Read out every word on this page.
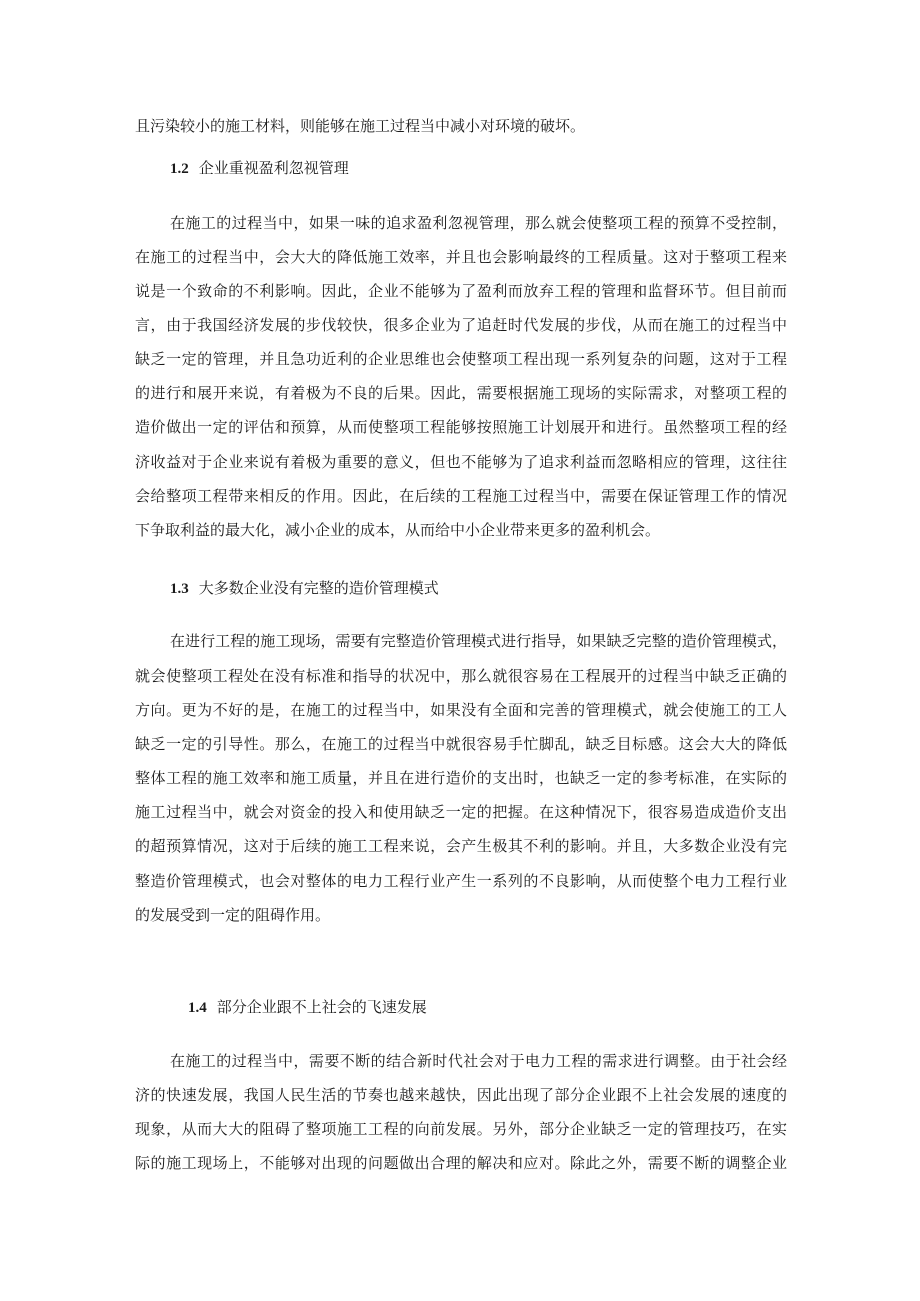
且污染较小的施工材料，则能够在施工过程当中减小对环境的破坏。
1.2 企业重视盈利忽视管理
在施工的过程当中，如果一味的追求盈利忽视管理，那么就会使整项工程的预算不受控制，
在施工的过程当中，会大大的降低施工效率，并且也会影响最终的工程质量。这对于整项工程来
说是一个致命的不利影响。因此，企业不能够为了盈利而放弃工程的管理和监督环节。但目前而
言，由于我国经济发展的步伐较快，很多企业为了追赶时代发展的步伐，从而在施工的过程当中
缺乏一定的管理，并且急功近利的企业思维也会使整项工程出现一系列复杂的问题，这对于工程
的进行和展开来说，有着极为不良的后果。因此，需要根据施工现场的实际需求，对整项工程的
造价做出一定的评估和预算，从而使整项工程能够按照施工计划展开和进行。虽然整项工程的经
济收益对于企业来说有着极为重要的意义，但也不能够为了追求利益而忽略相应的管理，这往往
会给整项工程带来相反的作用。因此，在后续的工程施工过程当中，需要在保证管理工作的情况
下争取利益的最大化，减小企业的成本，从而给中小企业带来更多的盈利机会。
1.3 大多数企业没有完整的造价管理模式
在进行工程的施工现场，需要有完整造价管理模式进行指导，如果缺乏完整的造价管理模式，
就会使整项工程处在没有标准和指导的状况中，那么就很容易在工程展开的过程当中缺乏正确的
方向。更为不好的是，在施工的过程当中，如果没有全面和完善的管理模式，就会使施工的工人
缺乏一定的引导性。那么，在施工的过程当中就很容易手忙脚乱，缺乏目标感。这会大大的降低
整体工程的施工效率和施工质量，并且在进行造价的支出时，也缺乏一定的参考标准，在实际的
施工过程当中，就会对资金的投入和使用缺乏一定的把握。在这种情况下，很容易造成造价支出
的超预算情况，这对于后续的施工工程来说，会产生极其不利的影响。并且，大多数企业没有完
整造价管理模式，也会对整体的电力工程行业产生一系列的不良影响，从而使整个电力工程行业
的发展受到一定的阻碍作用。
1.4 部分企业跟不上社会的飞速发展
在施工的过程当中，需要不断的结合新时代社会对于电力工程的需求进行调整。由于社会经
济的快速发展，我国人民生活的节奏也越来越快，因此出现了部分企业跟不上社会发展的速度的
现象，从而大大的阻碍了整项施工工程的向前发展。另外，部分企业缺乏一定的管理技巧，在实
际的施工现场上，不能够对出现的问题做出合理的解决和应对。除此之外，需要不断的调整企业
